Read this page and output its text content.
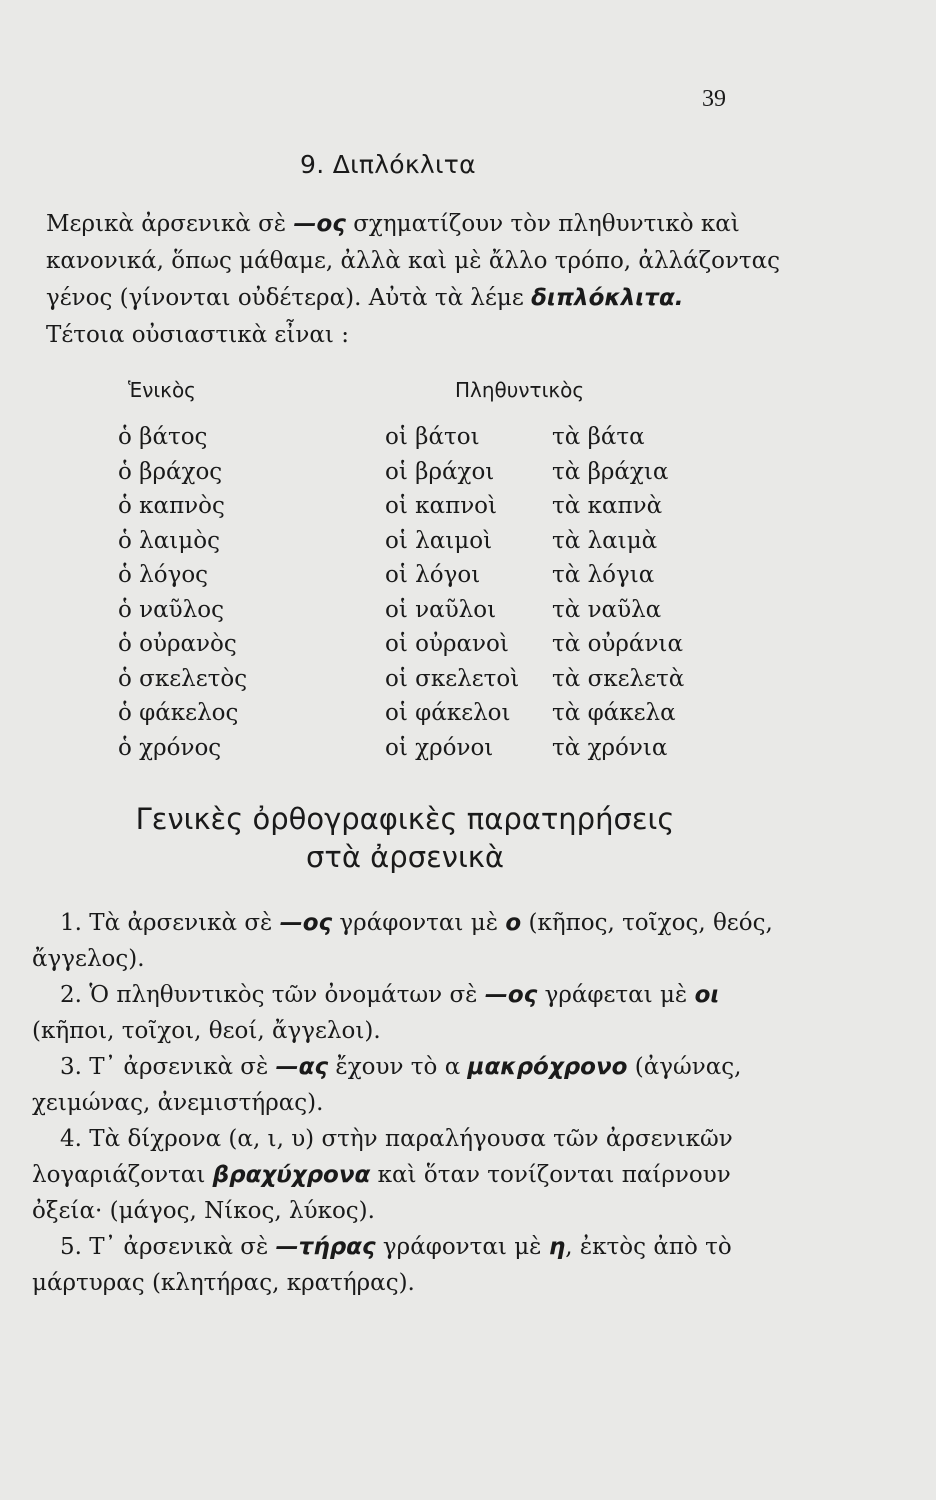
39
9. Διπλόκλιτα

Μερικὰ ἀρσενικὰ σὲ —ος σχηματίζουν τὸν πληθυντικὸ καὶ κανονικά, ὅπως μάθαμε, ἀλλὰ καὶ μὲ ἄλλο τρόπο, ἀλλάζοντας γένος (γίνονται οὐδέτερα). Αὐτὰ τὰ λέμε διπλόκλιτα.

Τέτοια οὐσιαστικὰ εἶναι :

Ἑνικὸς	Πληθυντικὸς
ὁ βάτος
ὁ βράχος
ὁ καπνὸς
ὁ λαιμὸς
ὁ λόγος
ὁ ναῦλος
ὁ οὐρανὸς
ὁ σκελετὸς
ὁ φάκελος
ὁ χρόνος
οἱ βάτοι
οἱ βράχοι
οἱ καπνοὶ
οἱ λαιμοὶ
οἱ λόγοι
οἱ ναῦλοι
οἱ οὐρανοὶ
οἱ σκελετοὶ
οἱ φάκελοι
οἱ χρόνοι
τὰ βάτα
τὰ βράχια
τὰ καπνὰ
τὰ λαιμὰ
τὰ λόγια
τὰ ναῦλα
τὰ οὐράνια
τὰ σκελετὰ
τὰ φάκελα
τὰ χρόνια
Γενικὲς ὀρθογραφικὲς παρατηρήσεις
στὰ ἀρσενικὰ

1. Τὰ ἀρσενικὰ σὲ —ος γράφονται μὲ ο (κῆπος, τοῖχος, θεός, ἄγγελος).

2. Ὁ πληθυντικὸς τῶν ὀνομάτων σὲ —ος γράφεται μὲ οι (κῆποι, τοῖχοι, θεοί, ἄγγελοι).

3. Τ᾽ ἀρσενικὰ σὲ —ας ἔχουν τὸ α μακρόχρονο (ἀγώνας, χειμώνας, ἀνεμιστήρας).

4. Τὰ δίχρονα (α, ι, υ) στὴν παραλήγουσα τῶν ἀρσενικῶν λογαριάζονται βραχύχρονα καὶ ὅταν τονίζονται παίρνουν ὀξεία· (μάγος, Νίκος, λύκος).

5. Τ᾽ ἀρσενικὰ σὲ —τήρας γράφονται μὲ η, ἐκτὸς ἀπὸ τὸ μάρτυρας (κλητήρας, κρατήρας).
